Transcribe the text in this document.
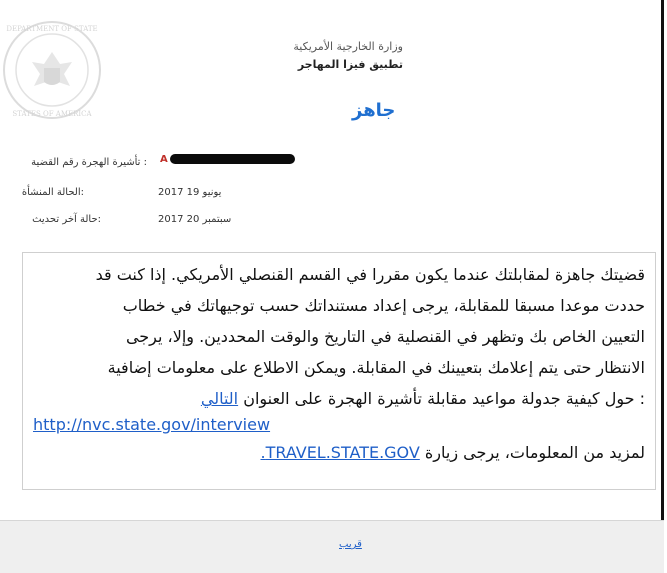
DEPARTMENT OF STATE
STATES OF AMERICA
وزارة الخارجية الأمريكية
تطبيق فيزا المهاجر
جاهز
: تأشيرة الهجرة رقم القضية A
:الحالة المنشأة	يونيو 19 2017
:حالة آخر تحديث	سبتمبر 20 2017
قضيتك جاهزة لمقابلتك عندما يكون مقررا في القسم القنصلي الأمريكي. إذا كنت قد
حددت موعدا مسبقا للمقابلة، يرجى إعداد مستنداتك حسب توجيهاتك في خطاب
التعيين الخاص بك وتظهر في القنصلية في التاريخ والوقت المحددين. وإلا، يرجى
الانتظار حتى يتم إعلامك بتعيينك في المقابلة. ويمكن الاطلاع على معلومات إضافية
: حول كيفية جدولة مواعيد مقابلة تأشيرة الهجرة على العنوان التالي
http://nvc.state.gov/interview
لمزيد من المعلومات، يرجى زيارة TRAVEL.STATE.GOV.
قريب
